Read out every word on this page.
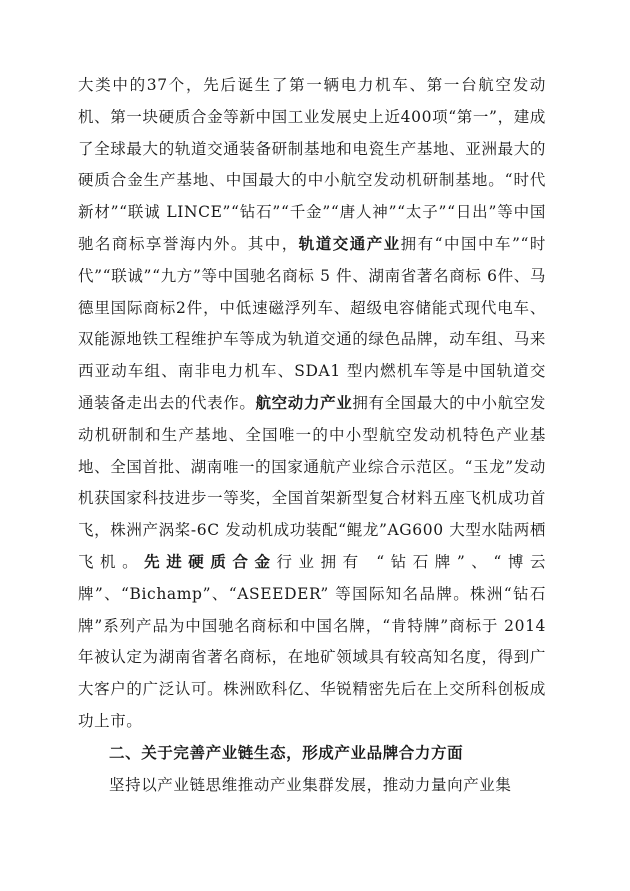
大类中的37个，先后诞生了第一辆电力机车、第一台航空发动机、第一块硬质合金等新中国工业发展史上近400项“第一”，建成了全球最大的轨道交通装备研制基地和电瓷生产基地、亚洲最大的硬质合金生产基地、中国最大的中小航空发动机研制基地。“时代新材”“联诚 LINCE”“钻石”“千金”“唐人神”“太子”“日出”等中国驰名商标享誉海内外。其中，轨道交通产业拥有“中国中车”“时代”“联诚”“九方”等中国驰名商标 5 件、湖南省著名商标 6件、马德里国际商标2件，中低速磁浮列车、超级电容储能式现代电车、双能源地铁工程维护车等成为轨道交通的绿色品牌，动车组、马来西亚动车组、南非电力机车、SDA1 型内燃机车等是中国轨道交通装备走出去的代表作。航空动力产业拥有全国最大的中小航空发动机研制和生产基地、全国唯一的中小型航空发动机特色产业基地、全国首批、湖南唯一的国家通航产业综合示范区。“玉龙”发动机获国家科技进步一等奖，全国首架新型复合材料五座飞机成功首飞，株洲产涡桨-6C 发动机成功装配“鲲龙”AG600 大型水陆两栖飞机。先进硬质合金行业拥有 “钻石牌”、“博云牌”、“Bichamp”、“ASEEDER” 等国际知名品牌。株洲“钻石牌”系列产品为中国驰名商标和中国名牌，“肯特牌”商标于 2014 年被认定为湖南省著名商标，在地矿领域具有较高知名度，得到广大客户的广泛认可。株洲欧科亿、华锐精密先后在上交所科创板成功上市。

二、关于完善产业链生态，形成产业品牌合力方面

坚持以产业链思维推动产业集群发展，推动力量向产业集
